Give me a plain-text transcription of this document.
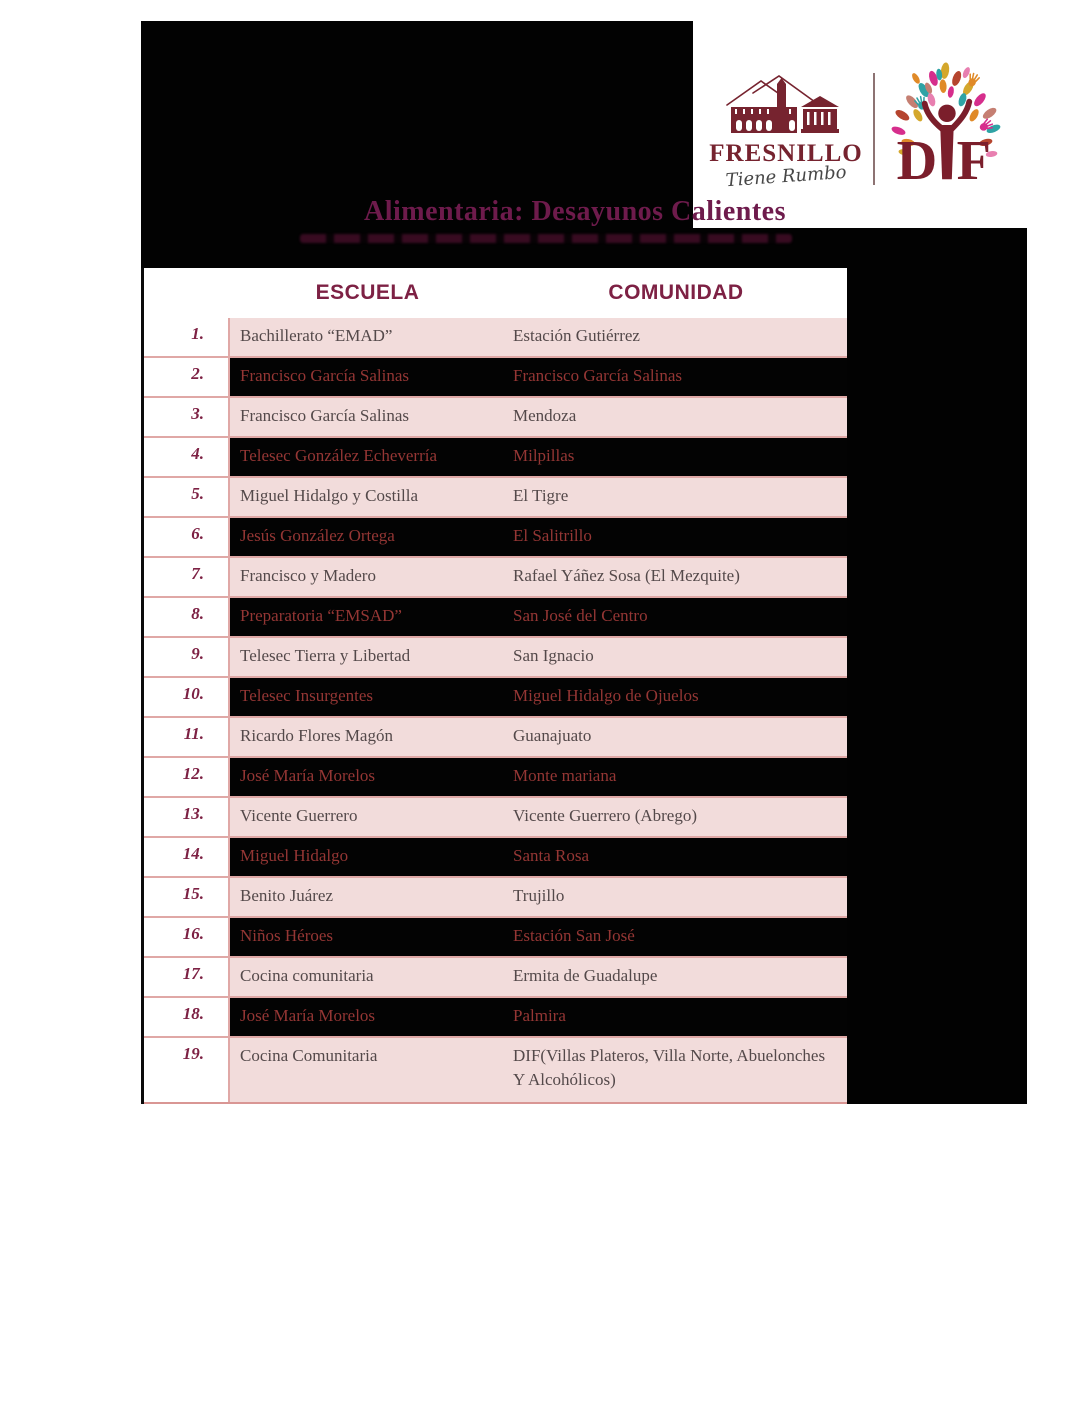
FRESNILLO
Tiene Rumbo D F
Alimentaria: Desayunos Calientes
ESCUELA	COMUNIDAD
1.	Bachillerato “EMAD”	Estación Gutiérrez
2.	Francisco García Salinas	Francisco García Salinas
3.	Francisco García Salinas	Mendoza
4.	Telesec González Echeverría	Milpillas
5.	Miguel Hidalgo y Costilla	El Tigre
6.	Jesús González Ortega	El Salitrillo
7.	Francisco y Madero	Rafael Yáñez Sosa (El Mezquite)
8.	Preparatoria “EMSAD”	San José del Centro
9.	Telesec Tierra y Libertad	San Ignacio
10.	Telesec Insurgentes	Miguel Hidalgo de Ojuelos
11.	Ricardo Flores Magón	Guanajuato
12.	José María Morelos	Monte mariana
13.	Vicente Guerrero	Vicente Guerrero (Abrego)
14.	Miguel Hidalgo	Santa Rosa
15.	Benito Juárez	Trujillo
16.	Niños Héroes	Estación San José
17.	Cocina comunitaria	Ermita de Guadalupe
18.	José María Morelos	Palmira
19.	Cocina Comunitaria	DIF(Villas Plateros, Villa Norte, Abuelonches Y Alcohólicos)
